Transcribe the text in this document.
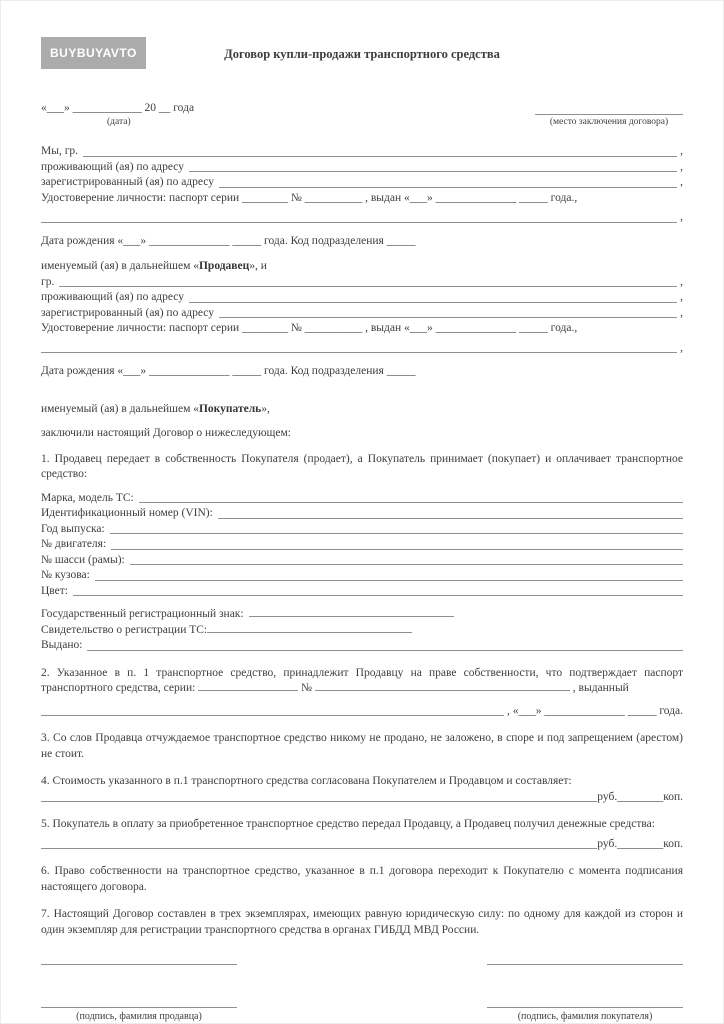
BUYBUYAVTO	Договор купли-продажи транспортного средства
«___» ____________ 20 __ года
(дата)	(место заключения договора)
Мы, гр.	,
проживающий (ая) по адресу	,
зарегистрированный (ая) по адресу	,
Удостоверение личности: паспорт серии ________ № __________ , выдан «___» ______________ _____ года.,
,
Дата рождения «___» ______________ _____ года. Код подразделения _____
именуемый (ая) в дальнейшем «Продавец», и
гр.	,
проживающий (ая) по адресу	,
зарегистрированный (ая) по адресу	,
Удостоверение личности: паспорт серии ________ № __________ , выдан «___» ______________ _____ года.,
,
Дата рождения «___» ______________ _____ года. Код подразделения _____
именуемый (ая) в дальнейшем «Покупатель»,
заключили настоящий Договор о нижеследующем:
1. Продавец передает в собственность Покупателя (продает), а Покупатель принимает (покупает) и оплачивает транспортное средство:
Марка, модель ТС:
Идентификационный номер (VIN):
Год выпуска:
№ двигателя:
№ шасси (рамы):
№ кузова:
Цвет:
Государственный регистрационный знак:
Свидетельство о регистрации ТС:
Выдано:
2. Указанное в п. 1 транспортное средство, принадлежит Продавцу на праве собственности, что подтверждает паспорт транспортного средства, серии:	№	, выданный
, «___» ______________ _____ года.
3. Со слов Продавца отчуждаемое транспортное средство никому не продано, не заложено, в споре и под запрещением (арестом) не стоит.
4. Стоимость указанного в п.1 транспортного средства согласована Покупателем и Продавцом и составляет:
руб.________коп.
5. Покупатель в оплату за приобретенное транспортное средство передал Продавцу, а Продавец получил денежные средства:
руб.________коп.
6. Право собственности на транспортное средство, указанное в п.1 договора переходит к Покупателю с момента подписания настоящего договора.
7. Настоящий Договор составлен в трех экземплярах, имеющих равную юридическую силу: по одному для каждой из сторон и один экземпляр для регистрации транспортного средства в органах ГИБДД МВД России.
(подпись, фамилия продавца)	(подпись, фамилия покупателя)
